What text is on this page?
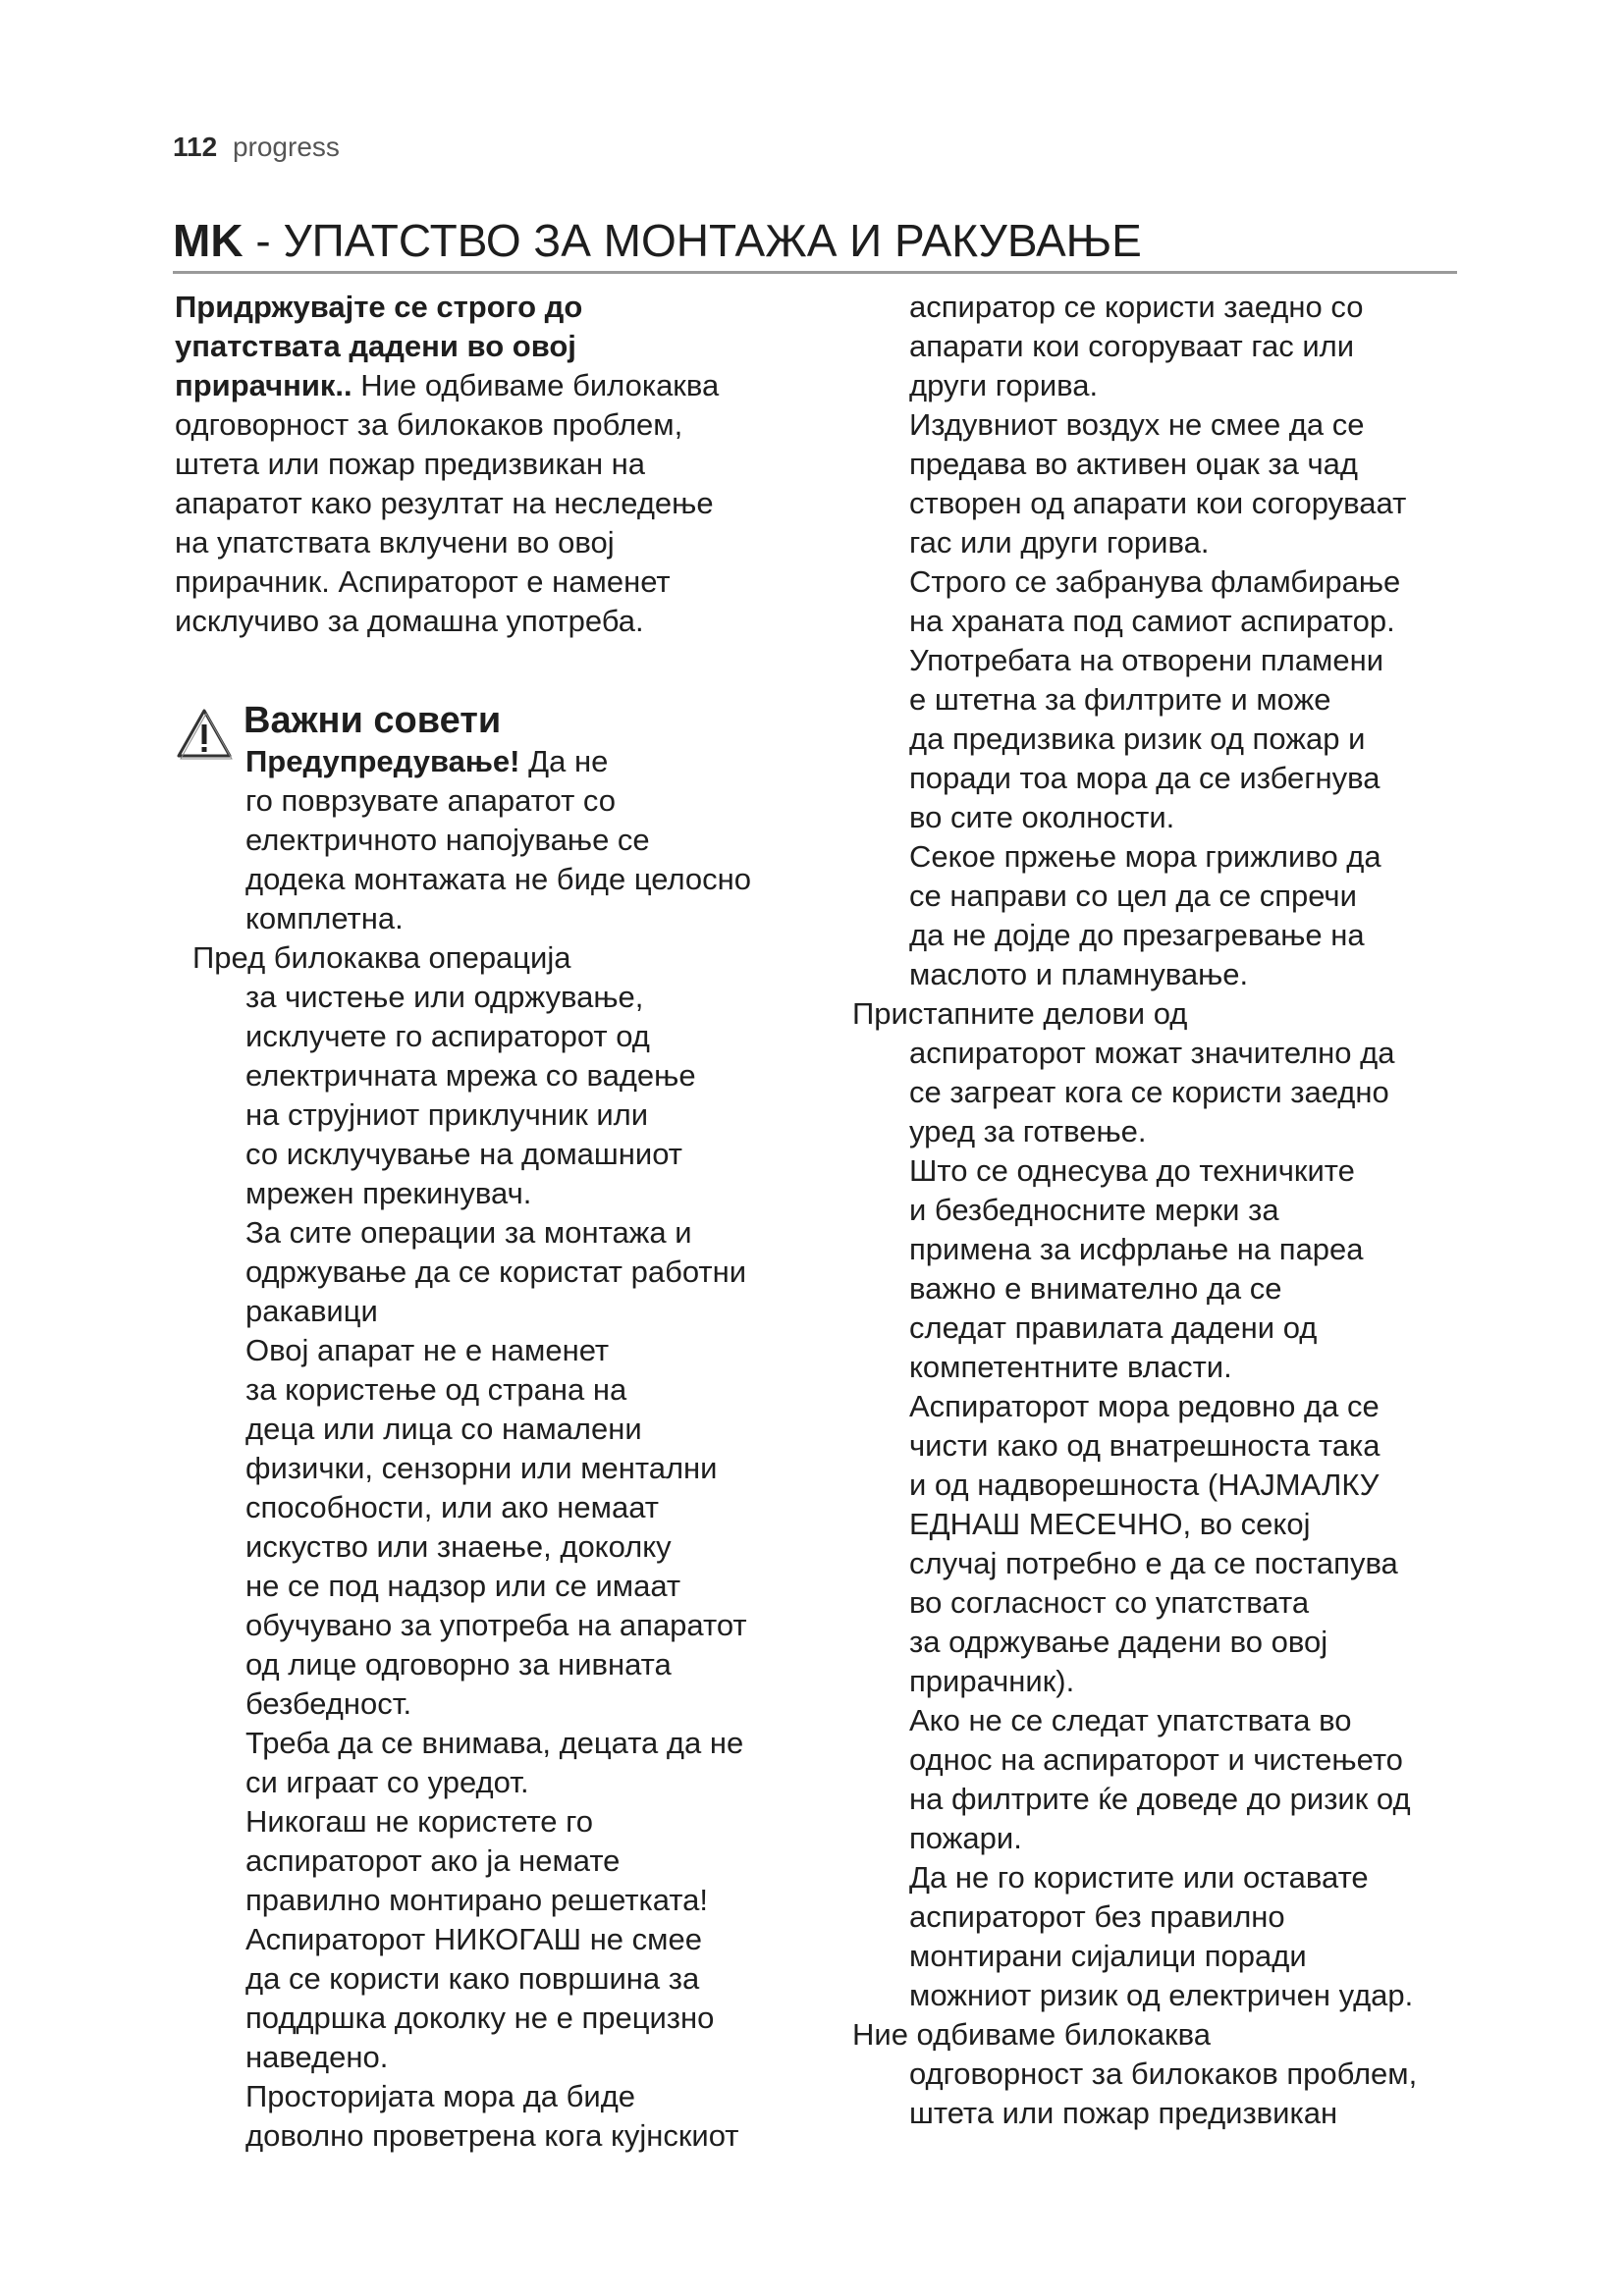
112 progress
MK - УПАТСТВО ЗА МОНТАЖА И РАКУВАЊЕ

Придржувајте се строго до

упатствата дадени во овој

прирачник.. Ние одбиваме билокаква

одговорност за билокаков проблем,

штета или пожар предизвикан на

апаратот како резултат на неследење

на упатствата вклучени во овој

прирачник. Аспираторот е наменет

исклучиво за домашна употреба.

Важни совети

Предупредување! Да не

го поврзувате апаратот со

електричното напојување се

додека монтажата не биде целосно

комплетна.

Пред билокаква операција

за чистење или одржување,

исклучете го аспираторот од

електричната мрежа со вадење

на струјниот приклучник или

со исклучување на домашниот

мрежен прекинувач.

За сите операции за монтажа и

одржување да се користат работни

ракавици

Овој апарат не е наменет

за користење од страна на

деца или лица со намалени

физички, сензорни или ментални

способности, или ако немаат

искуство или знаење, доколку

не се под надзор или се имаат

обучувано за употреба на апаратот

од лице одговорно за нивната

безбедност.

Треба да се внимава, децата да не

си играат со уредот.

Никогаш не користете го

аспираторот ако ја немате

правилно монтирано решетката!

Аспираторот НИКОГАШ не смее

да се користи како површина за

поддршка доколку не е прецизно

наведено.

Просторијата мора да биде

доволно проветрена кога кујнскиот

аспиратор се користи заедно со

апарати кои согоруваат гас или

други горива.

Издувниот воздух не смее да се

предава во активен оџак за чад

створен од апарати кои согоруваат

гас или други горива.

Строго се забранува фламбирање

на храната под самиот аспиратор.

Употребата на отворени пламени

е штетна за филтрите и може

да предизвика ризик од пожар и

поради тоа мора да се избегнува

во сите околности.

Секое пржење мора грижливо да

се направи со цел да се спречи

да не дојде до презагревање на

маслото и пламнување.

Пристапните делови од

аспираторот можат значително да

се загреат кога се користи заедно

уред за готвење.

Што се однесува до техничките

и безбедносните мерки за

примена за исфрлање на пареа

важно е внимателно да се

следат правилата дадени од

компетентните власти.

Аспираторот мора редовно да се

чисти како од внатрешноста така

и од надворешноста (НАЈМАЛКУ

ЕДНАШ МЕСЕЧНО, во секој

случај потребно е да се постапува

во согласност со упатствата

за одржување дадени во овој

прирачник).

Ако не се следат упатствата во

однос на аспираторот и чистењето

на филтрите ќе доведе до ризик од

пожари.

Да не го користите или оставате

аспираторот без правилно

монтирани сијалици поради

можниот ризик од електричен удар.

Ние одбиваме билокаква

одговорност за билокаков проблем,

штета или пожар предизвикан
